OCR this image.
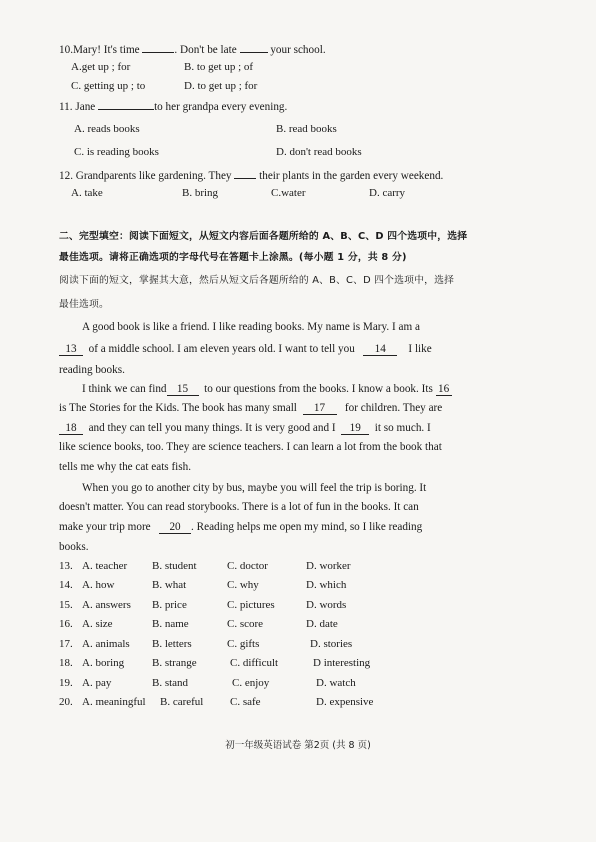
10.Mary! It's time	. Don't be late	your school.
A.get up ; for	B. to get up ; of
C. getting up ; to	D. to get up ; for
11. Jane	to her grandpa every evening.
A. reads books	B. read books
C. is reading books	D. don't read books
12. Grandparents like gardening. They  their plants in the garden every weekend.
A. take	B. bring	C.water	D. carry
二、完型填空：阅读下面短文，从短文内容后面各题所给的 A、B、C、D 四个选项中，选择
最佳选项。请将正确选项的字母代号在答题卡上涂黑。(每小题 1 分，共 8 分)
阅读下面的短文，掌握其大意，然后从短文后各题所给的 A、B、C、D 四个选项中，选择
最佳选项。
A good book is like a friend. I like reading books. My name is Mary. I am a
13 of a middle school. I am eleven years old. I want to tell you 14 I like
reading books.
I think we can find 15 to our questions from the books. I know a book. Its 16
is The Stories for the Kids. The book has many small 17 for children. They are
18 and they can tell you many things. It is very good and I 19 it so much. I
like science books, too. They are science teachers. I can learn a lot from the book that
tells me why the cat eats fish.
When you go to another city by bus, maybe you will feel the trip is boring. It
doesn't matter. You can read storybooks. There is a lot of fun in the books. It can
make your trip more 20 . Reading helps me open my mind, so I like reading
books.
13. A. teacher B. student	C. doctor	D. worker
14. A. how	B. what	C. why	D. which
15. A. answers B. price	C. pictures	D. words
16. A. size	B. name	C. score	D. date
17. A. animals B. letters	C. gifts	D. stories
18. A. boring	B. strange	C. difficult	D interesting
19. A. pay	B. stand	C. enjoy	D. watch
20. A. meaningful B. careful C. safe	D. expensive
初一年级英语试卷 第2页 (共 8 页)
